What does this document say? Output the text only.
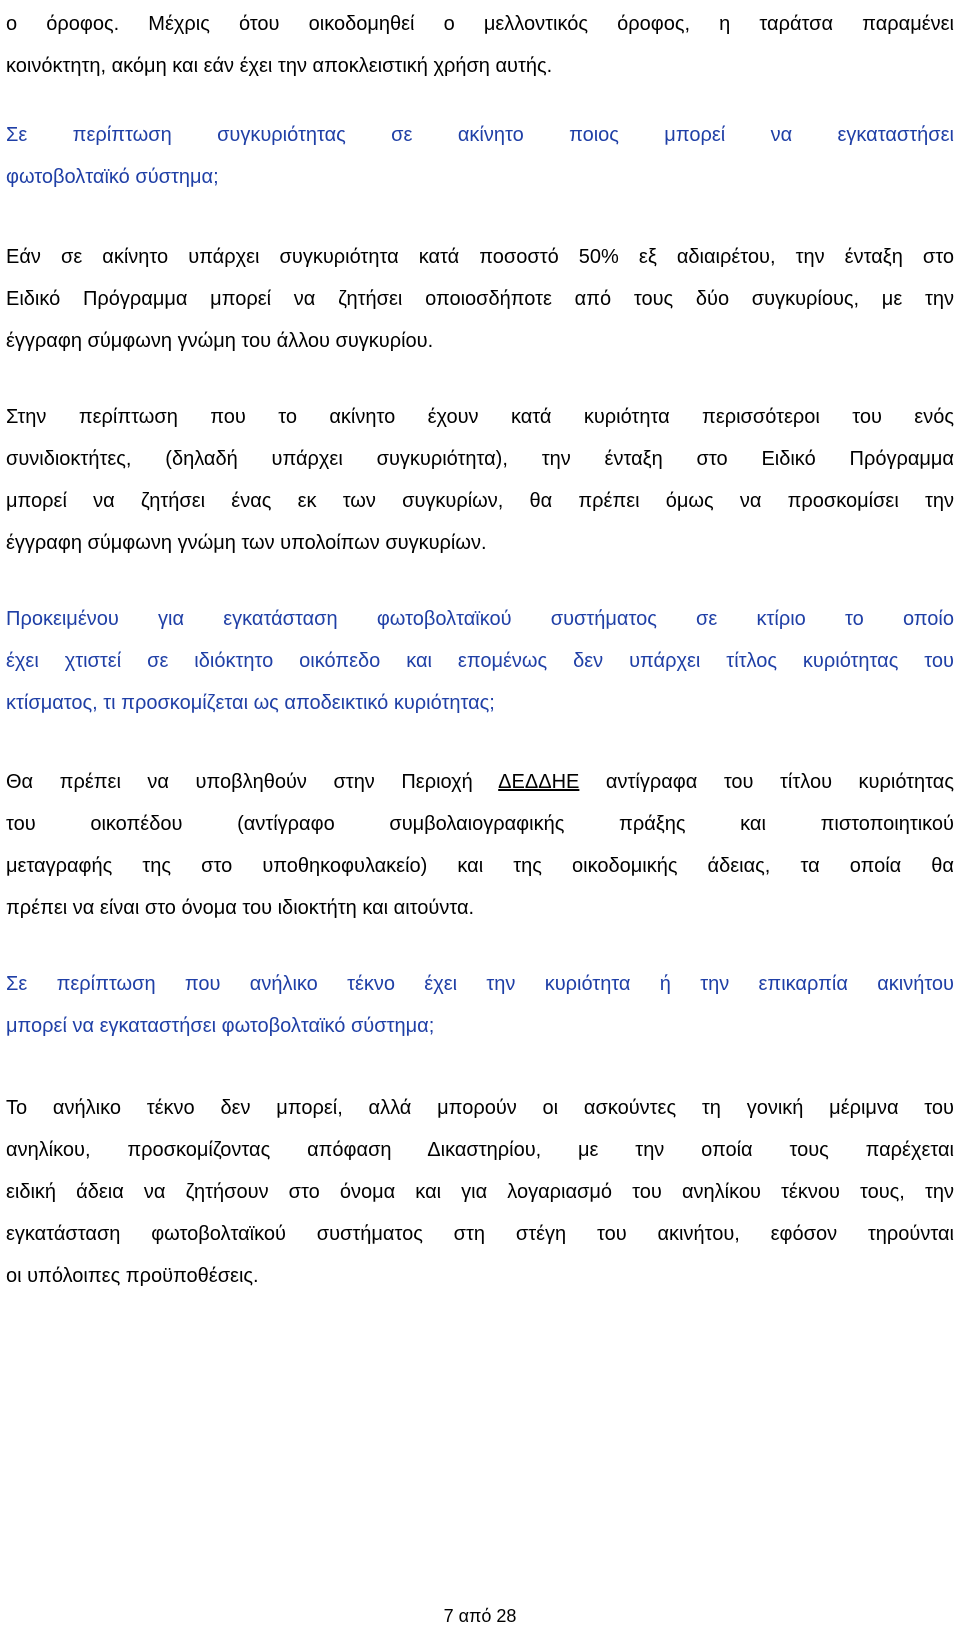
ο όροφος. Μέχρις ότου οικοδομηθεί ο μελλοντικός όροφος, η ταράτσα παραμένει
κοινόκτητη, ακόμη και εάν έχει την αποκλειστική χρήση αυτής.
Σε περίπτωση συγκυριότητας σε ακίνητο ποιος μπορεί να εγκαταστήσει
φωτοβολταϊκό σύστημα;
Εάν σε ακίνητο υπάρχει συγκυριότητα κατά ποσοστό 50% εξ αδιαιρέτου, την ένταξη στο
Ειδικό Πρόγραμμα μπορεί να ζητήσει οποιοσδήποτε από τους δύο συγκυρίους, με την
έγγραφη σύμφωνη γνώμη του άλλου συγκυρίου.
Στην περίπτωση που το ακίνητο έχουν κατά κυριότητα περισσότεροι του ενός
συνιδιοκτήτες, (δηλαδή υπάρχει συγκυριότητα), την ένταξη στο Ειδικό Πρόγραμμα
μπορεί να ζητήσει ένας εκ των συγκυρίων, θα πρέπει όμως να προσκομίσει την
έγγραφη σύμφωνη γνώμη των υπολοίπων συγκυρίων.
Προκειμένου για εγκατάσταση φωτοβολταϊκού συστήματος σε κτίριο το οποίο
έχει χτιστεί σε ιδιόκτητο οικόπεδο και επομένως δεν υπάρχει τίτλος κυριότητας του
κτίσματος, τι προσκομίζεται ως αποδεικτικό κυριότητας;
Θα πρέπει να υποβληθούν στην Περιοχή ΔΕΔΔΗΕ αντίγραφα του τίτλου κυριότητας
του οικοπέδου (αντίγραφο συμβολαιογραφικής πράξης και πιστοποιητικού
μεταγραφής της στο υποθηκοφυλακείο) και της οικοδομικής άδειας, τα οποία θα
πρέπει να είναι στο όνομα του ιδιοκτήτη και αιτούντα.
Σε περίπτωση που ανήλικο τέκνο έχει την κυριότητα ή την επικαρπία ακινήτου
μπορεί να εγκαταστήσει φωτοβολταϊκό σύστημα;
Το ανήλικο τέκνο δεν μπορεί, αλλά μπορούν οι ασκούντες τη γονική μέριμνα του
ανηλίκου, προσκομίζοντας απόφαση Δικαστηρίου, με την οποία τους παρέχεται
ειδική άδεια να ζητήσουν στο όνομα και για λογαριασμό του ανηλίκου τέκνου τους, την
εγκατάσταση φωτοβολταϊκού συστήματος στη στέγη του ακινήτου, εφόσον τηρούνται
οι υπόλοιπες προϋποθέσεις.
7 από 28
